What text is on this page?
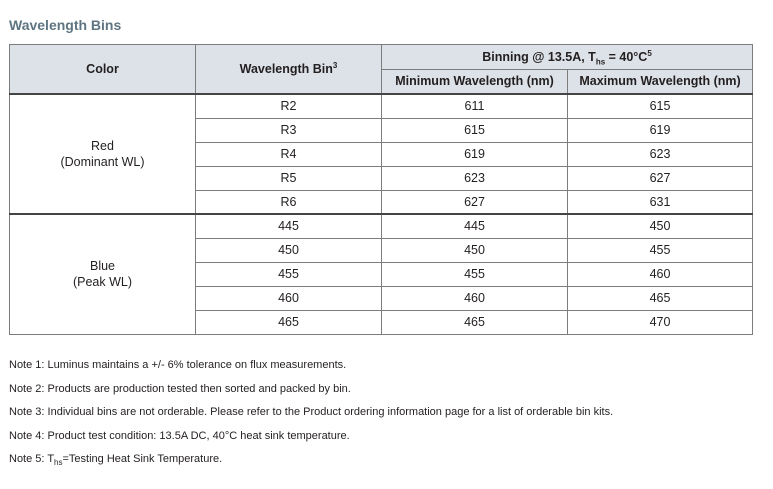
Wavelength Bins
Color	Wavelength Bin$^3$	Binning @ 13.5A, $T_{hs} = 40^\circ C^5$
		Minimum Wavelength (nm)	Maximum Wavelength (nm)
Red
(Dominant WL)	R2	611	615
	R3	615	619
	R4	619	623
	R5	623	627
	R6	627	631
Blue
(Peak WL)	445	445	450
	450	450	455
	455	455	460
	460	460	465
	465	465	470
Note 1: Luminus maintains a +/- 6% tolerance on flux measurements.
Note 2: Products are production tested then sorted and packed by bin.
Note 3: Individual bins are not orderable. Please refer to the Product ordering information page for a list of orderable bin kits.
Note 4: Product test condition: 13.5A DC, 40°C heat sink temperature.
Note 5: $T_{hs}=Testing$ Heat Sink Temperature.
